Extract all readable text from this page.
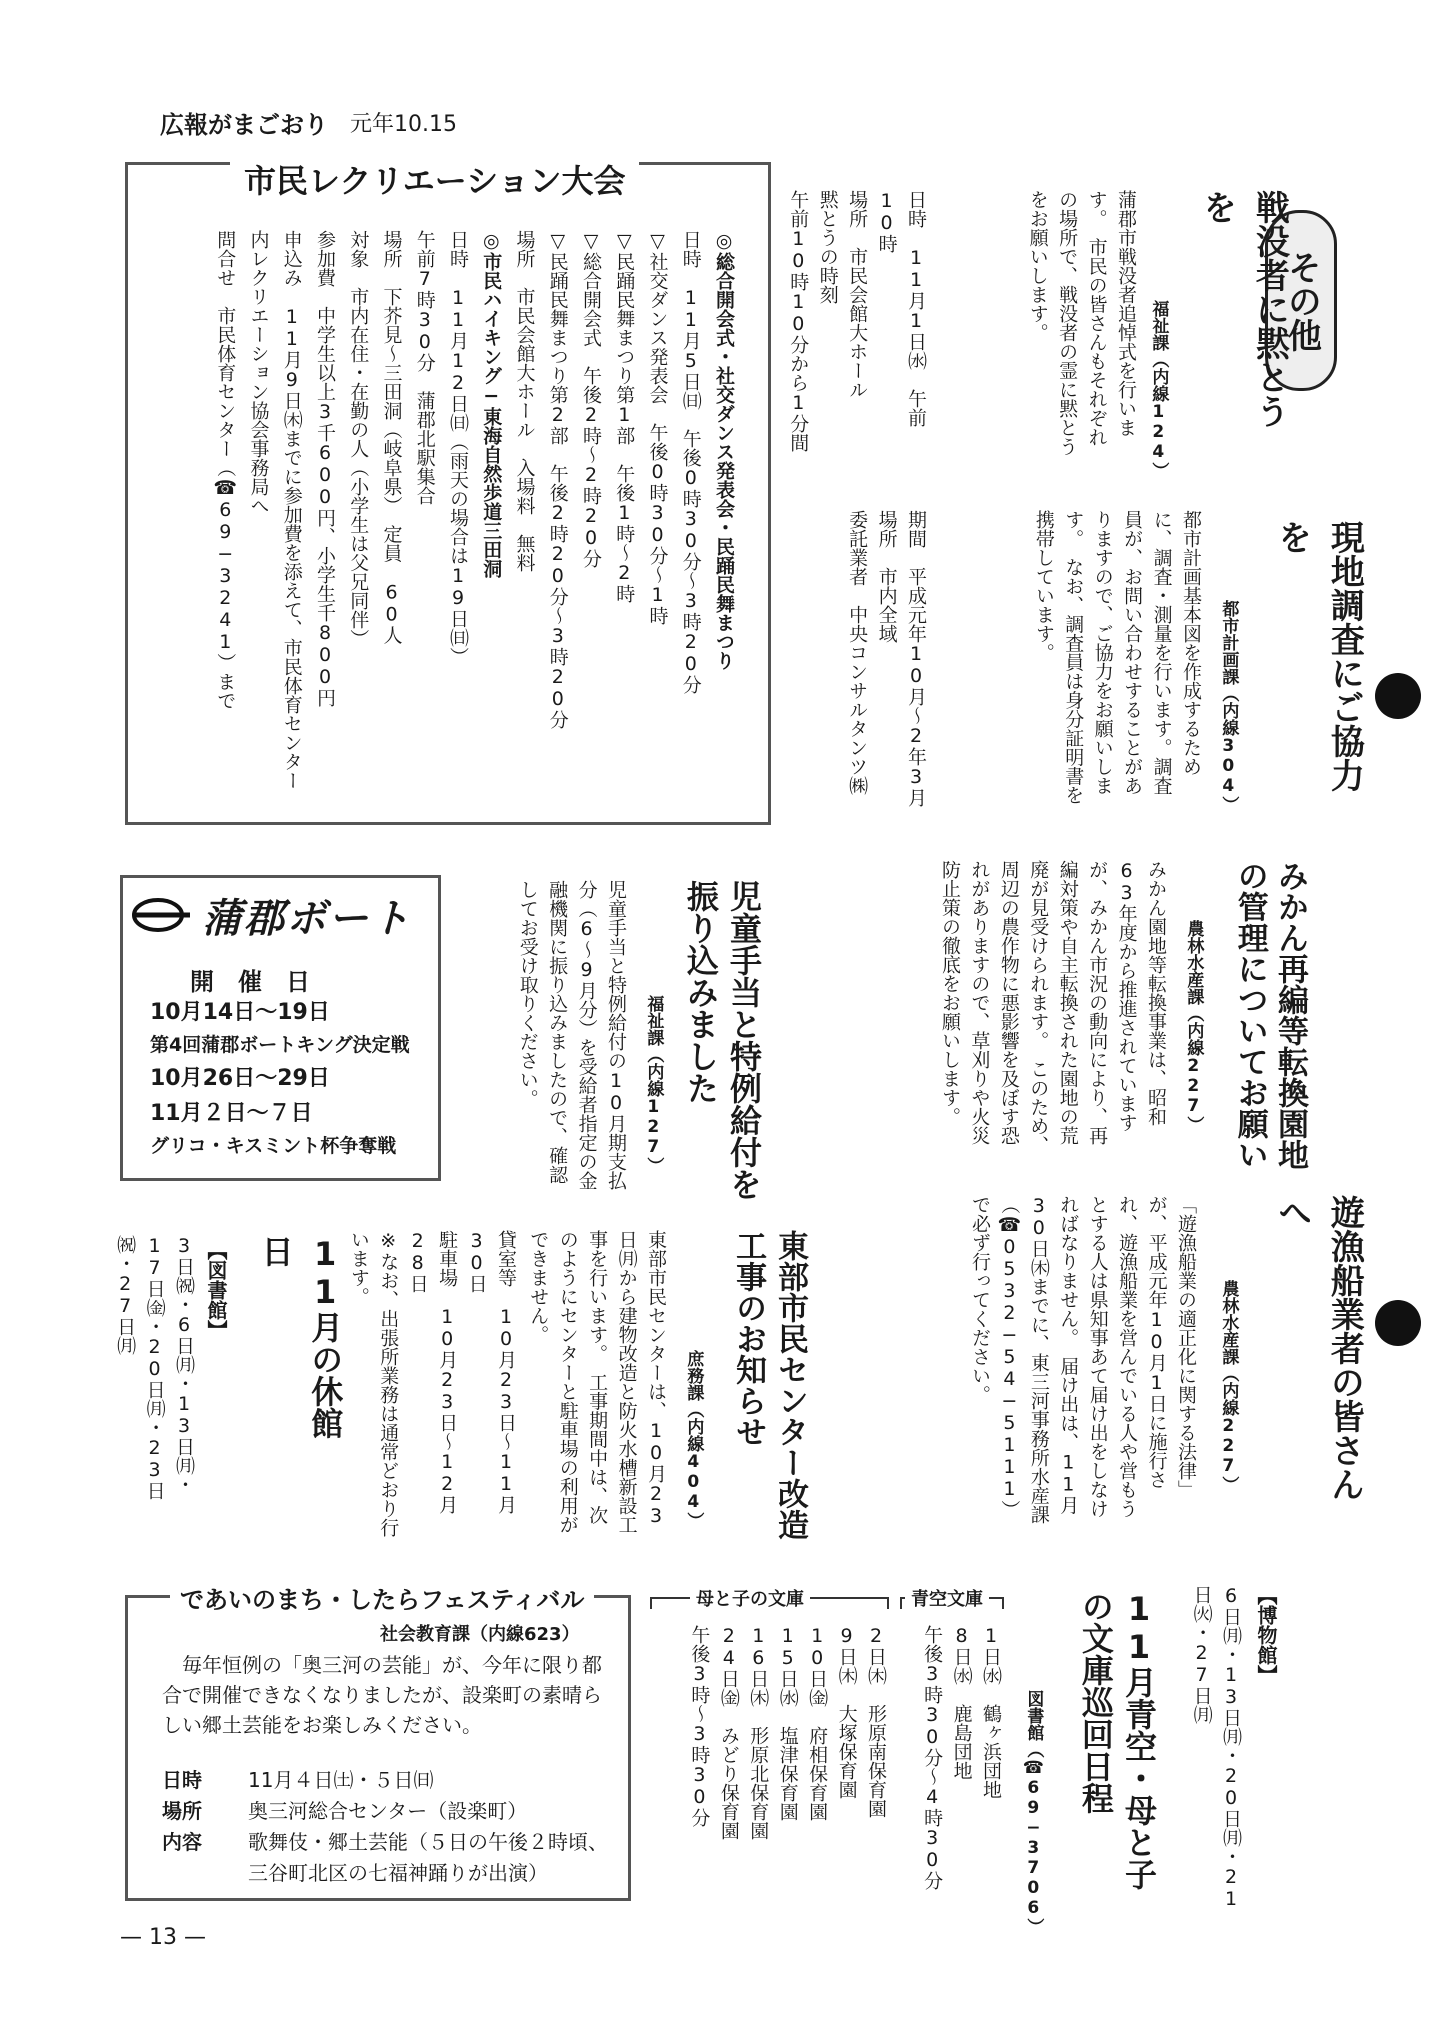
広報がまごおり 元年10.15
その他
戦没者に黙とうを
福祉課（内線124）
蒲郡市戦没者追悼式を行います。　市民の皆さんもそれぞれの場所で、戦没者の霊に黙とうをお願いします。
日時　11月1日㈬　午前10時
場所　市民会館大ホール
黙とうの時刻
午前10時10分から1分間
現地調査にご協力を
都市計画課（内線304）
都市計画基本図を作成するために、調査・測量を行います。調査員が、お問い合わせすることがありますので、ご協力をお願いします。　なお、調査員は身分証明書を携帯しています。
期間　平成元年10月〜2年3月　場所　市内全域
委託業者　中央コンサルタンツ㈱
みかん再編等転換園地の管理についてお願い
農林水産課（内線227）
みかん園地等転換事業は、昭和63年度から推進されていますが、みかん市況の動向により、再編対策や自主転換された園地の荒廃が見受けられます。　このため、周辺の農作物に悪影響を及ぼす恐れがありますので、草刈りや火災防止策の徹底をお願いします。
遊漁船業者の皆さんへ
農林水産課（内線227）
「遊漁船業の適正化に関する法律」が、平成元年10月1日に施行され、遊漁船業を営んでいる人や営もうとする人は県知事あて届け出をしなければなりません。　届け出は、11月30日㈭までに、東三河事務所水産課（☎0532−54−5111）で必ず行ってください。
市民レクリエーション大会
◎総合開会式・社交ダンス発表会・民踊民舞まつり
日時　11月5日㈰　午後0時30分〜3時20分
▽社交ダンス発表会　午後0時30分〜1時
▽民踊民舞まつり第1部　午後1時〜2時
▽総合開会式　午後2時〜2時20分
▽民踊民舞まつり第2部　午後2時20分〜3時20分
場所　市民会館大ホール　入場料　無料
◎市民ハイキング−東海自然歩道三田洞
日時　11月12日㈰（雨天の場合は19日㈰）
午前7時30分　蒲郡北駅集合
場所　下芥見〜三田洞（岐阜県）　定員　60人
対象　市内在住・在勤の人（小学生は父兄同伴）
参加費　中学生以上3千600円、小学生千800円
申込み　11月9日㈭までに参加費を添えて、市民体育センター内レクリエーション協会事務局へ
問合せ　市民体育センター（☎69−3241）まで
児童手当と特例給付を振り込みました
福祉課（内線127）
児童手当と特例給付の10月期支払分（6〜9月分）を受給者指定の金融機関に振り込みましたので、確認してお受け取りください。
蒲郡ボート
開　催　日
10月14日〜19日
第4回蒲郡ボートキング決定戦
10月26日〜29日
11月２日〜７日
グリコ・キスミント杯争奪戦
東部市民センター改造工事のお知らせ
庶務課（内線404）
東部市民センターは、10月23日㈪から建物改造と防火水槽新設工事を行います。　工事期間中は、次のようにセンターと駐車場の利用ができません。
貸室等　10月23日〜11月30日
駐車場　10月23日〜12月28日
※なお、出張所業務は通常どおり行います。
11月の休館日
【図書館】
3日㈷・6日㈪・13日㈪・17日㈮・20日㈪・23日㈷・27日㈪
【博物館】
6日㈪・13日㈪・20日㈪・21日㈫・27日㈪
11月青空・母と子の文庫巡回日程
図書館（☎69−3706）
青空文庫
1日㈬　鶴ヶ浜団地
8日㈬　鹿島団地
午後3時30分〜4時30分
母と子の文庫
2日㈭　形原南保育園
9日㈭　大塚保育園
10日㈮　府相保育園
15日㈬　塩津保育園
16日㈭　形原北保育園
24日㈮　みどり保育園
午後3時〜3時30分
であいのまち・したらフェスティバル
社会教育課（内線623）
毎年恒例の「奥三河の芸能」が、今年に限り都合で開催できなくなりましたが、設楽町の素晴らしい郷土芸能をお楽しみください。
日時	11月４日㈯・５日㈰
場所	奥三河総合センター（設楽町）
内容	歌舞伎・郷土芸能（５日の午後２時頃、三谷町北区の七福神踊りが出演）
— 13 —
